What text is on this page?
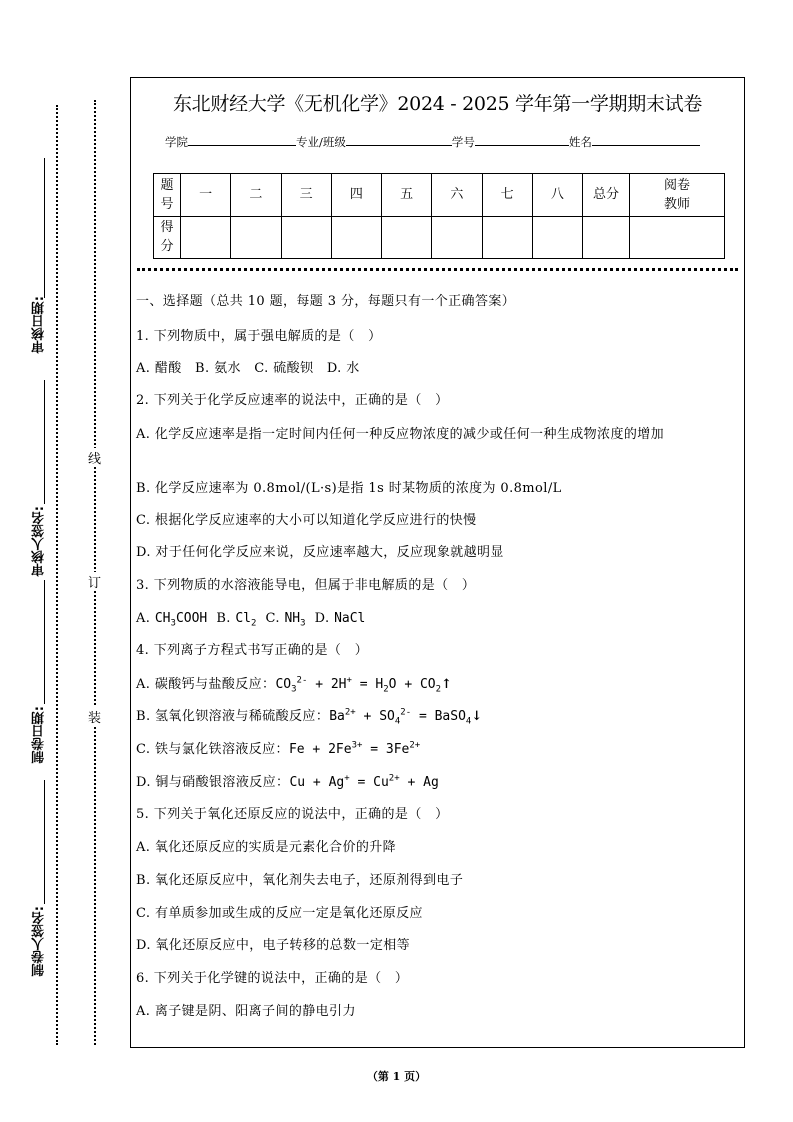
审核日期:
审核人签名:
制卷日期:
制卷人签名:
线
订
装
东北财经大学《无机化学》2024 - 2025 学年第一学期期末试卷
学院	专业/班级	学号	姓名
题号	一	二	三	四	五	六	七	八	总分	阅卷教师

得分										

一、选择题（总共 10 题，每题 3 分，每题只有一个正确答案）
1. 下列物质中，属于强电解质的是（　）
A. 醋酸　B. 氨水　C. 硫酸钡　D. 水
2. 下列关于化学反应速率的说法中，正确的是（　）
A. 化学反应速率是指一定时间内任何一种反应物浓度的减少或任何一种生成物浓度的增加
B. 化学反应速率为 0.8mol/(L·s)是指 1s 时某物质的浓度为 0.8mol/L
C. 根据化学反应速率的大小可以知道化学反应进行的快慢
D. 对于任何化学反应来说，反应速率越大，反应现象就越明显
3. 下列物质的水溶液能导电，但属于非电解质的是（　）
A. $CH_3COOH$ B. $Cl_2$ C. $NH_3$ D. NaCl
4. 下列离子方程式书写正确的是（　）
A. 碳酸钙与盐酸反应：$CO_3^{2-} + 2H^+ = H_2O$ + $CO_2↑$
B. 氢氧化钡溶液与稀硫酸反应：$Ba^{2+} + SO_4^{2-}$ = BaSO$_4$↓
C. 铁与氯化铁溶液反应：$Fe + 2Fe^{3+} = 3Fe^{2+}$
D. 铜与硝酸银溶液反应：$Cu + Ag^+ = Cu^{2+} + Ag$
5. 下列关于氧化还原反应的说法中，正确的是（　）
A. 氧化还原反应的实质是元素化合价的升降
B. 氧化还原反应中，氧化剂失去电子，还原剂得到电子
C. 有单质参加或生成的反应一定是氧化还原反应
D. 氧化还原反应中，电子转移的总数一定相等
6. 下列关于化学键的说法中，正确的是（　）
A. 离子键是阴、阳离子间的静电引力
（第 1 页）
